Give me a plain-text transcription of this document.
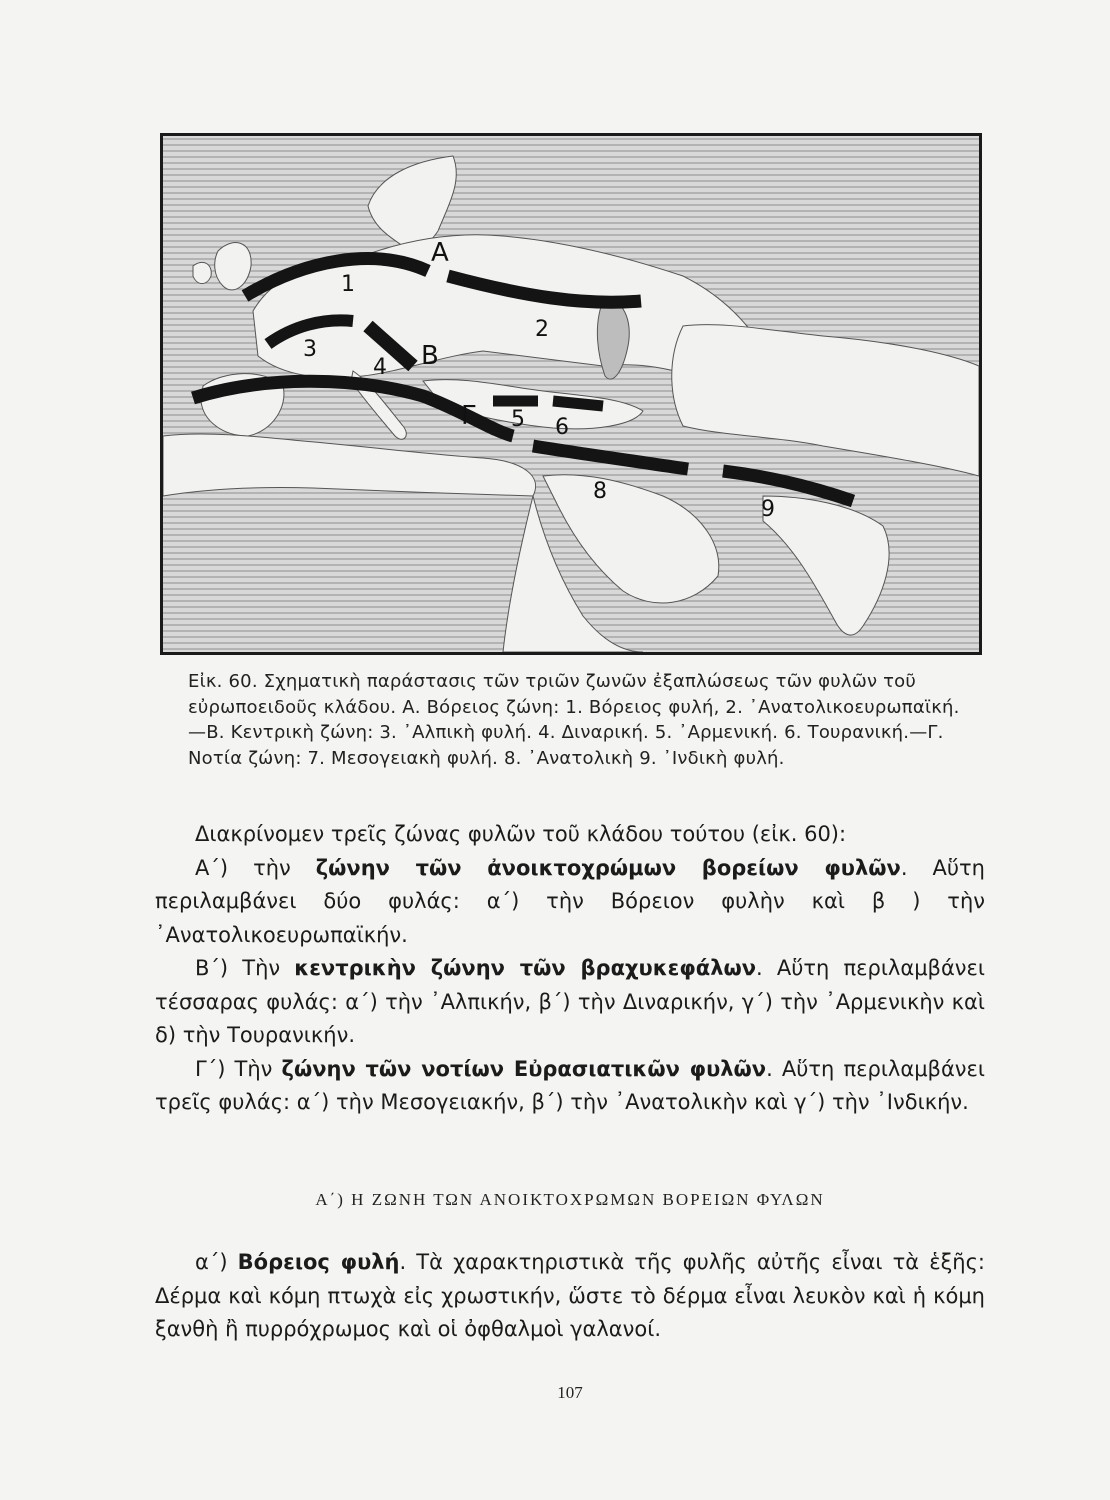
Α
Β
Γ
1
2
3
4
5 6
8
9
Εἰκ. 60. Σχηματικὴ παράστασις τῶν τριῶν ζωνῶν ἐξαπλώσεως τῶν φυλῶν τοῦ εὐρωποειδοῦς κλάδου. Α. Βόρειος ζώνη: 1. Βόρειος φυλή, 2. ᾿Ανατολικοευρωπαϊκή.—Β. Κεντρικὴ ζώνη: 3. ᾿Αλπικὴ φυλή. 4. Διναρική. 5. ᾿Αρμενική. 6. Τουρανική.—Γ. Νοτία ζώνη: 7. Μεσογειακὴ φυλή. 8. ᾿Ανατολικὴ 9. ᾿Ινδικὴ φυλή.
Διακρίνομεν τρεῖς ζώνας φυλῶν τοῦ κλάδου τούτου (εἰκ. 60):
Α΄) τὴν ζώνην τῶν ἀνοικτοχρώμων βορείων φυλῶν. Αὕτη περιλαμβάνει δύο φυλάς: α΄) τὴν Βόρειον φυλὴν καὶ β ) τὴν ᾿Ανατολικοευρωπαϊκήν.
Β΄) Τὴν κεντρικὴν ζώνην τῶν βραχυκεφάλων. Αὕτη περιλαμβάνει τέσσαρας φυλάς: α΄) τὴν ᾿Αλπικήν, β΄) τὴν Διναρικήν, γ΄) τὴν ᾿Αρμενικὴν καὶ δ) τὴν Τουρανικήν.
Γ΄) Τὴν ζώνην τῶν νοτίων Εὐρασιατικῶν φυλῶν. Αὕτη περιλαμβάνει τρεῖς φυλάς: α΄) τὴν Μεσογειακήν, β΄) τὴν ᾿Ανατολικὴν καὶ γ΄) τὴν ᾿Ινδικήν.
Α΄) Η ΖΩΝΗ ΤΩΝ ΑΝΟΙΚΤΟΧΡΩΜΩΝ ΒΟΡΕΙΩΝ ΦΥΛΩΝ
α΄) Βόρειος φυλή. Τὰ χαρακτηριστικὰ τῆς φυλῆς αὐτῆς εἶναι τὰ ἑξῆς: Δέρμα καὶ κόμη πτωχὰ εἰς χρωστικήν, ὥστε τὸ δέρμα εἶναι λευκὸν καὶ ἡ κόμη ξανθὴ ἢ πυρρόχρωμος καὶ οἱ ὀφθαλμοὶ γαλανοί.
107
